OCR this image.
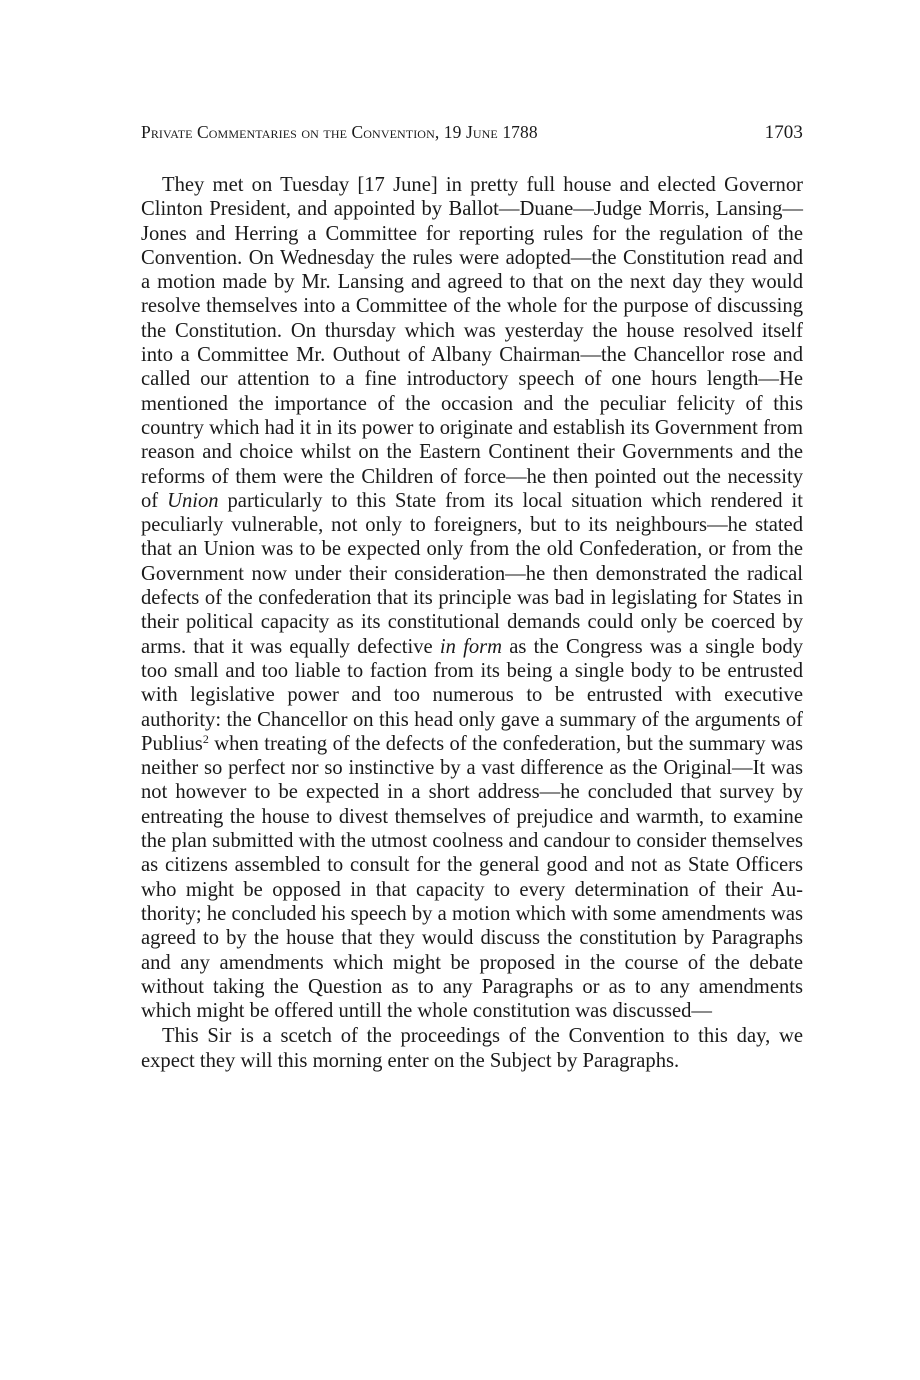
Private Commentaries on the Convention, 19 June 1788	1703

They met on Tuesday [17 June] in pretty full house and elected Governor Clinton President, and appointed by Ballot—Duane—Judge Morris, Lansing—Jones and Herring a Committee for reporting rules for the regulation of the Convention. On Wednesday the rules were adopted—the Constitution read and a motion made by Mr. Lansing and agreed to that on the next day they would resolve themselves into a Committee of the whole for the purpose of discussing the Constitution. On thursday which was yesterday the house resolved itself into a Committee Mr. Outhout of Albany Chairman—the Chancellor rose and called our attention to a fine introductory speech of one hours length—He mentioned the importance of the occasion and the peculiar felicity of this country which had it in its power to originate and establish its Government from reason and choice whilst on the Eastern Continent their Governments and the reforms of them were the Children of force—he then pointed out the necessity of Union particularly to this State from its local situation which rendered it peculiarly vulnerable, not only to foreigners, but to its neighbours—he stated that an Union was to be expected only from the old Confederation, or from the Government now under their consideration—he then demonstrated the radical defects of the confederation that its principle was bad in legislating for States in their political capacity as its constitutional demands could only be coerced by arms. that it was equally defective in form as the Congress was a single body too small and too liable to faction from its being a single body to be entrusted with legislative power and too numerous to be entrusted with executive authority: the Chancellor on this head only gave a summary of the arguments of Publius$^2$ when treating of the defects of the confederation, but the summary was neither so perfect nor so instinctive by a vast difference as the Original—It was not however to be expected in a short address—he concluded that survey by entreating the house to divest themselves of prejudice and warmth, to examine the plan submitted with the utmost coolness and candour to consider themselves as citizens assembled to consult for the general good and not as State Officers who might be opposed in that capacity to every determination of their Authority; he concluded his speech by a motion which with some amendments was agreed to by the house that they would discuss the constitution by Paragraphs and any amendments which might be proposed in the course of the debate without taking the Question as to any Paragraphs or as to any amendments which might be offered untill the whole constitution was discussed—

This Sir is a scetch of the proceedings of the Convention to this day, we expect they will this morning enter on the Subject by Paragraphs.
